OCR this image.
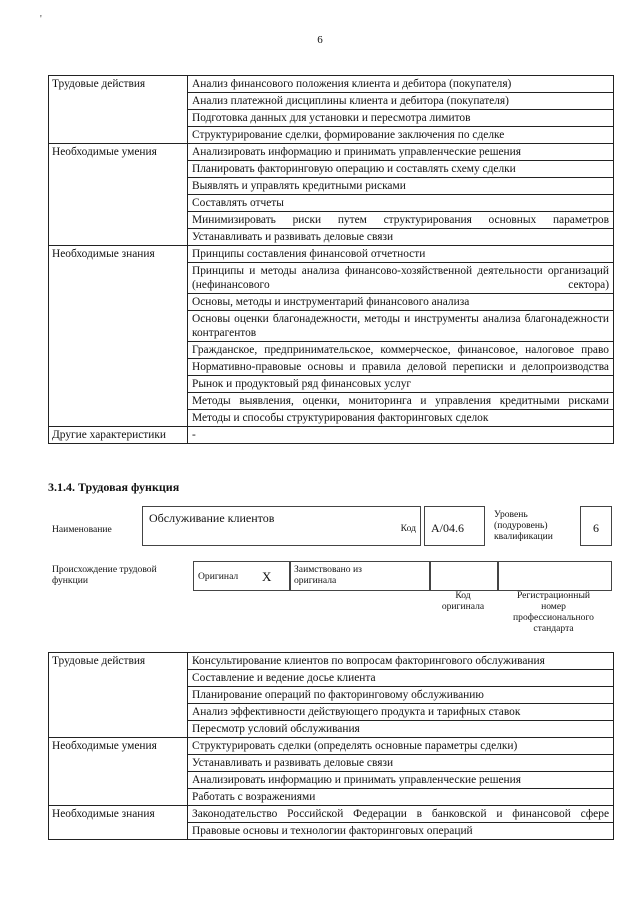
'
6
Трудовые действия	Анализ финансового положения клиента и дебитора (покупателя)
	Анализ платежной дисциплины клиента и дебитора (покупателя)
	Подготовка данных для установки и пересмотра лимитов
	Структурирование сделки, формирование заключения по сделке
Необходимые умения	Анализировать информацию и принимать управленческие решения
	Планировать факторинговую операцию и составлять схему сделки
	Выявлять и управлять кредитными рисками
	Составлять отчеты
	Минимизировать риски путем структурирования основных параметров
	Устанавливать и развивать деловые связи
Необходимые знания	Принципы составления финансовой отчетности
	Принципы и методы анализа финансово-хозяйственной деятельности организаций (нефинансового сектора)
	Основы, методы и инструментарий финансового анализа
	Основы оценки благонадежности, методы и инструменты анализа благонадежности контрагентов
	Гражданское, предпринимательское, коммерческое, финансовое, налоговое право
	Нормативно-правовые основы и правила деловой переписки и делопроизводства
	Рынок и продуктовый ряд финансовых услуг
	Методы выявления, оценки, мониторинга и управления кредитными рисками
	Методы и способы структурирования факторинговых сделок
Другие характеристики	-
3.1.4. Трудовая функция
Наименование
Обслуживание клиентов
Код A/04.6
Уровень
(подуровень)
квалификации
6
Происхождение трудовой
функции	Оригинал X Заимствовано из
оригинала
Код
оригинала
Регистрационный
номер
профессионального
стандарта
Трудовые действия	Консультирование клиентов по вопросам факторингового обслуживания
	Составление и ведение досье клиента
	Планирование операций по факторинговому обслуживанию
	Анализ эффективности действующего продукта и тарифных ставок
	Пересмотр условий обслуживания
Необходимые умения	Структурировать сделки (определять основные параметры сделки)
	Устанавливать и развивать деловые связи
	Анализировать информацию и принимать управленческие решения
	Работать с возражениями
Необходимые знания	Законодательство Российской Федерации в банковской и финансовой сфере
	Правовые основы и технологии факторинговых операций
